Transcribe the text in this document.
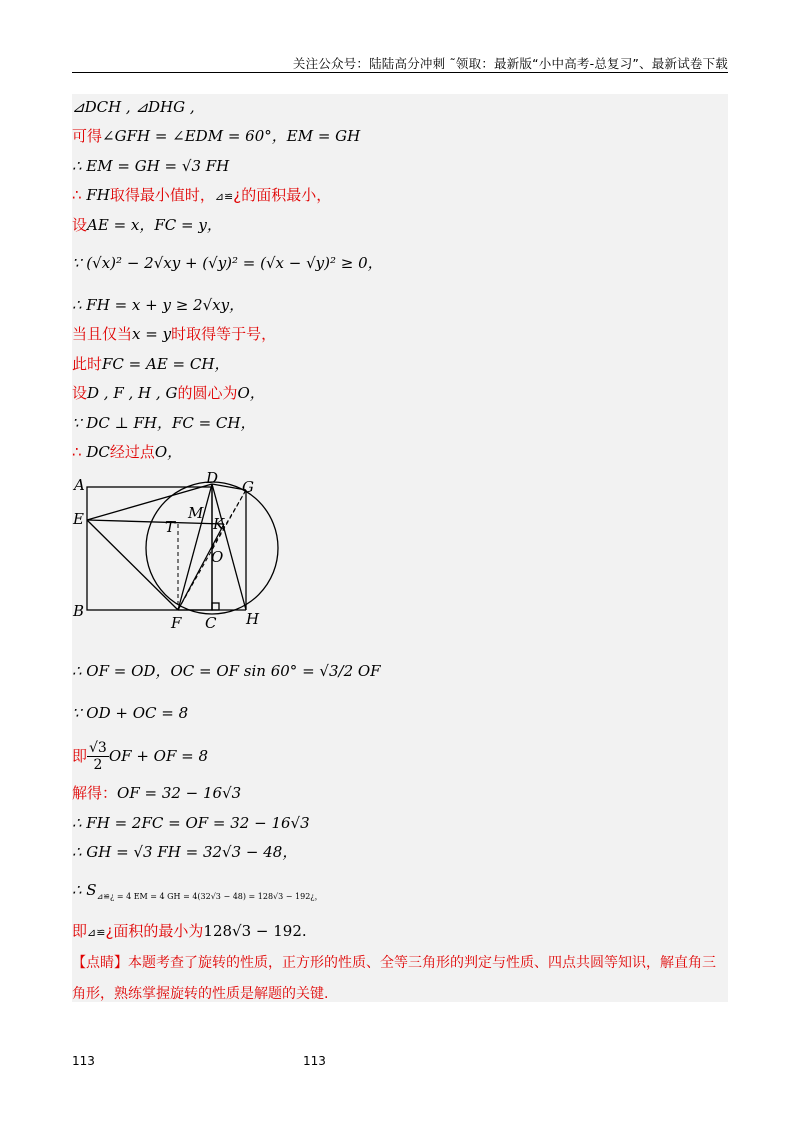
关注公众号：陆陆高分冲刺 ˜领取：最新版“小中高考-总复习”、最新试卷下载
⊿DCH , ⊿DHG ,
可得∠GFH = ∠EDM = 60°，EM = GH
∴ EM = GH = √3 FH
∴ FH取得最小值时，⊿≌¿的面积最小，
设AE = x，FC = y，
∵ (√x)² − 2√xy + (√y)² = (√x − √y)² ≥ 0，
∴ FH = x + y ≥ 2√xy，
当且仅当x = y时取得等于号，
此时FC = AE = CH，
设D , F , H , G的圆心为O，
∵ DC ⊥ FH，FC = CH，
∴ DC经过点O，
A
E
B
D G
M
K
T
O
F C H
∴ OF = OD，OC = OF sin 60° = √3/2 OF
∵ OD + OC = 8
即 $\frac{√3}{2}$ OF + OF = 8
解得：OF = 32 − 16√3
∴ FH = 2FC = OF = 32 − 16√3
∴ GH = √3 FH = 32√3 − 48，
∴ $S_{⊿≌¿ = 4 EM = 4 GH = 4(32√3 - 48) = 128√3 - 192¿,}$
即⊿≌¿面积的最小为128√3 − 192.
【点睛】本题考查了旋转的性质，正方形的性质、全等三角形的判定与性质、四点共圆等知识，解直角三
角形，熟练掌握旋转的性质是解题的关键.
113	113
